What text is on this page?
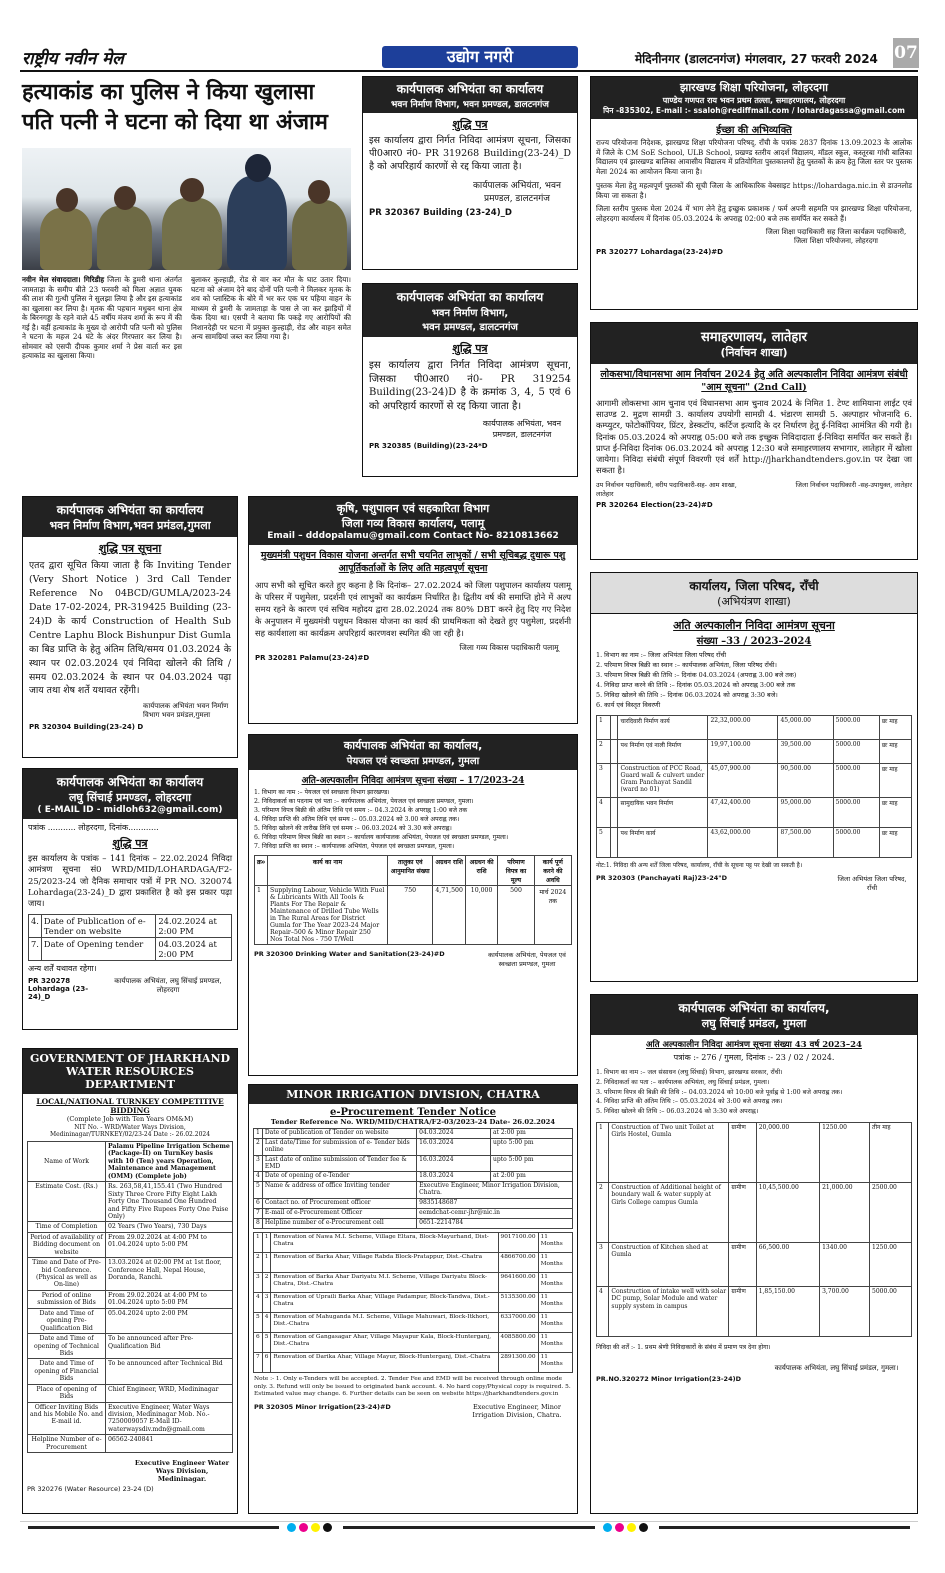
राष्ट्रीय नवीन मेल	उद्योग नगरी	मेदिनीनगर (डालटनगंज) मंगलवार, 27 फरवरी 2024 07
हत्याकांड का पुलिस ने किया खुलासा
पति पत्नी ने घटना को दिया था अंजाम
नवीन मेल संवाददाता। गिरिडीह जिला के डुमरी थाना अंतर्गत जामताड़ा के समीप बीते 23 फरवरी को मिला अज्ञात युवक की लाश की गुत्थी पुलिस ने सुलझा लिया है और इस हत्याकांड का खुलासा कर लिया है। मृतक की पहचान मधुबन थाना क्षेत्र के बिरनगड्डा के रहने वाले 45 वर्षीय मंजय शर्मा के रूप में की गई है। वहीं हत्याकांड के मुख्य दो आरोपी पति पत्नी को पुलिस ने घटना के महज 24 घंटे के अंदर गिरफ्तार कर लिया है। सोमवार को एसपी दीपक कुमार शर्मा ने प्रेस वार्ता कर इस हत्याकांड का खुलासा किया।
बुलाकर कुल्हाड़ी, रोड से वार कर मौत के घाट उतार दिया। घटना को अंजाम देने बाद दोनों पति पत्नी ने मिलकर मृतक के शव को प्लास्टिक के बोरे में भर कर एक घर पहिया वाहन के माध्यम से डुमरी के जामताड़ा के पास ले जा कर झाड़ियों में फेंक दिया था। एसपी ने बताया कि पकड़े गए आरोपियों की निशानदेही पर घटना में प्रयुक्त कुल्हाड़ी, रोड और वाहन समेत अन्य सामग्रियां जब्त कर लिया गया है।
कार्यपालक अभियंता का कार्यालय
भवन निर्माण विभाग, भवन प्रमण्डल, डालटनगंज
शुद्धि पत्र
इस कार्यालय द्वारा निर्गत निविदा आमंत्रण सूचना, जिसका पी0आर0 नं0- PR 319268 Building(23-24)_D है को अपरिहार्य कारणों से रद्द किया जाता है।
कार्यपालक अभियंता, भवन प्रमण्डल, डालटनगंज
PR 320367 Building (23-24)_D
कार्यपालक अभियंता का कार्यालय
भवन निर्माण विभाग,
भवन प्रमण्डल, डालटनगंज
शुद्धि पत्र
इस कार्यालय द्वारा निर्गत निविदा आमंत्रण सूचना, जिसका पी0आर0 नं0- PR 319254 Building(23-24)D है के क्रमांक 3, 4, 5 एवं 6 को अपरिहार्य कारणों से रद्द किया जाता है।
कार्यपालक अभियंता, भवन प्रमण्डल, डालटनगंज
PR 320385 (Building)(23-24*D
झारखण्ड शिक्षा परियोजना, लोहरदगा
पाण्डेय गणपत राय भवन प्रथम तल्ला, समाहरणालय, लोहरदगा
पिन -835302, E-mail :- ssaloh@rediffmail.com / lohardagassa@gmail.com
ईच्छा की अभिव्यक्ति
राज्य परियोजना निदेशक, झारखण्ड शिक्षा परियोजना परिषद्, राँची के पत्रांक 2837 दिनांक 13.09.2023 के आलोक में जिले के CM SoE School, ULB School, प्रखण्ड स्तरीय आदर्श विद्यालय, मॉडल स्कूल, कस्तूरबा गांधी बालिका विद्यालय एवं झारखण्ड बालिका आवासीय विद्यालय में प्रतियोगिता पुस्तकालयों हेतु पुस्तकों के क्रय हेतु जिला स्तर पर पुस्तक मेला 2024 का आयोजन किया जाना है।
पुस्तक मेला हेतु महत्वपूर्ण पुस्तकों की सूची जिला के आधिकारिक वेबसाइट https://lohardaga.nic.in से डाउनलोड किया जा सकता है।
जिला स्तरीय पुस्तक मेला 2024 में भाग लेने हेतु इच्छुक प्रकाशक / फर्म अपनी सहमति पत्र झारखण्ड शिक्षा परियोजना, लोहरदगा कार्यालय में दिनांक 05.03.2024 के अपराह्न 02:00 बजे तक समर्पित कर सकते हैं।
जिला शिक्षा पदाधिकारी सह जिला कार्यक्रम पदाधिकारी, जिला शिक्षा परियोजना, लोहरदगा
PR 320277 Lohardaga(23-24)#D
समाहरणालय, लातेहार
(निर्वाचन शाखा)
लोकसभा/विधानसभा आम निर्वाचन 2024 हेतु अति अल्पकालीन निविदा आमंत्रण संबंधी "आम सूचना" (2nd Call)
आगामी लोकसभा आम चुनाव एवं विधानसभा आम चुनाव 2024 के निमित 1. टेण्ट शामियाना लाईट एवं साउण्ड 2. मुद्रण सामग्री 3. कार्यालय उपयोगी सामग्री 4. भंडारण सामग्री 5. अल्पाहार भोजनादि 6. कम्प्युटर, फोटोकॉपियर, प्रिंटर, डेस्कटॉप, कर्टिज इत्यादि के दर निर्धारण हेतु ई-निविदा आमंत्रित की गयी है। दिनांक 05.03.2024 को अपराह्न 05:00 बजे तक इच्छुक निविदादाता ई-निविदा समर्पित कर सकते हैं। प्राप्त ई-निविदा दिनांक 06.03.2024 को अपराह्न 12:30 बजे समाहरणालय सभागार, लातेहार में खोला जायेगा। निविदा संबंधी संपूर्ण विवरणी एवं शर्तें http://jharkhandtenders.gov.in पर देखा जा सकता है।
उप निर्वाचन पदाधिकारी, वरीय पदाधिकारी-सह- आम शाखा, लातेहार
जिला निर्वाचन पदाधिकारी -सह-उपायुक्त, लातेहार
PR 320264 Election(23-24)#D
कार्यपालक अभियंता का कार्यालय
भवन निर्माण विभाग,भवन प्रमंडल,गुमला
शुद्धि पत्र सूचना
एतद द्वारा सूचित किया जाता है कि Inviting Tender (Very Short Notice ) 3rd Call Tender Reference No 04BCD/GUMLA/2023-24 Date 17-02-2024, PR-319425 Building (23-24)D के कार्य Construction of Health Sub Centre Laphu Block Bishunpur Dist Gumla का बिड प्राप्ति के हेतु अंतिम तिथि/समय 01.03.2024 के स्थान पर 02.03.2024 एवं निविदा खोलने की तिथि / समय 02.03.2024 के स्थान पर 04.03.2024 पढ़ा जाय तथा शेष शर्ते यथावत रहेंगी।
कार्यपालक अभियंता भवन निर्माण विभाग भवन प्रमंडल,गुमला
PR 320304 Building(23-24) D
कृषि, पशुपालन एवं सहकारिता विभाग
जिला गव्य विकास कार्यालय, पलामू
Email – dddopalamu@gmail.com Contact No- 8210813662
मुख्यमंत्री पशुधन विकास योजना अन्तर्गत सभी चयनित लाभुकों / सभी सूचिबद्ध दुधारू पशु आपूर्तिकर्ताओं के लिए अति महत्वपूर्ण सूचना
आप सभी को सूचित करते हुए कहना है कि दिनांक– 27.02.2024 को जिला पशुपालन कार्यालय पलामू के परिसर में पशुमेला, प्रदर्शनी एवं लाभुकों का कार्यक्रम निर्धारित है। द्वितीय वर्ष की समाप्ति होने में अल्प समय रहने के कारण एवं सचिव महोदय द्वारा 28.02.2024 तक 80% DBT करने हेतु दिए गए निदेश के अनुपालन में मुख्यमंत्री पशुधन विकास योजना का कार्य की प्राथमिकता को देखते हुए पशुमेला, प्रदर्शनी सह कार्यशाला का कार्यक्रम अपरिहार्य कारणवश स्थगित की जा रही है।
जिला गव्य विकास पदाधिकारी पलामू
PR 320281 Palamu(23-24)#D
कार्यपालक अभियंता का कार्यालय
लघु सिंचाई प्रमण्डल, लोहरदगा
( E-MAIL ID - midloh632@gmail.com)
पत्रांक ........... लोहरदगा, दिनांक............
शुद्धि पत्र
इस कार्यालय के पत्रांक – 141 दिनांक – 22.02.2024 निविदा आमंत्रण सूचना सं0 WRD/MID/LOHARDAGA/F2-25/2023-24 जो दैनिक समाचार पत्रों में PR NO. 320074 Lohardaga(23-24)_D द्वारा प्रकाशित है को इस प्रकार पढ़ा जाय।
4.	Date of Publication of e-Tender on website	24.02.2024 at 2:00 PM
7.	Date of Opening tender	04.03.2024 at 2:00 PM
अन्य शर्तें यथावत रहेगा।
PR 320278 Lohardaga (23-24)_D
कार्यपालक अभियंता, लघु सिंचाई प्रमण्डल, लोहरदगा
कार्यपालक अभियंता का कार्यालय,
पेयजल एवं स्वच्छता प्रमण्डल, गुमला
अति-अल्पकालीन निविदा आमंत्रण सूचना संख्या – 17/2023-24
1. विभाग का नाम :– पेयजल एवं स्वच्छता विभाग झारखण्ड।
2. निविदाकर्ता का पदनाम एवं पता :– कार्यपालक अभियंता, पेयजल एवं स्वच्छता प्रमण्डल, गुमला।
3. परिमाण विपत्र बिक्री की अंतिम तिथि एवं समय :– 04.3.2024 के अपराह्न 1:00 बजे तक
4. निविदा प्राप्ति की अंतिम तिथि एवं समय :– 05.03.2024 को 3.00 बजे अपराह्न तक।
5. निविदा खोलने की तारीख तिथि एवं समय :– 06.03.2024 को 3.30 बजे अपराह्न।
6. निविदा परिमाण विपत्र बिक्री का स्थान :– कार्यालय कार्यपालक अभियंता, पेयजल एवं स्वच्छता प्रमण्डल, गुमला।
7. निविदा प्राप्ति का स्थान :– कार्यपालक अभियंता, पेयजल एवं स्वच्छता प्रमण्डल, गुमला।
क्र०	कार्य का नाम	तालुका एवं आनुमानित संख्या	अग्रधन राशि	अग्रधन की राशि	परिमाण विपत्र का मूल्य	कार्य पूर्ण करने की अवधि
1	Supplying Labour, Vehicle With Fuel & Lubricants With All Tools & Plants For The Repair & Maintenance of Drilled Tube Wells in The Rural Areas for District Gumla for The Year 2023-24 Major Repair–500 & Minor Repair 250 Nos Total Nos - 750 T/Well	750	4,71,500	10,000	500	मार्च 2024 तक
PR 320300 Drinking Water and Sanitation(23-24)#D	कार्यपालक अभियंता, पेयजल एवं स्वच्छता प्रमण्डल, गुमला
कार्यालय, जिला परिषद, राँची
(अभियंत्रण शाखा)
अति अल्पकालीन निविदा आमंत्रण सूचना
संख्या –33 / 2023–2024
1. विभाग का नाम :– जिला अभियंता जिला परिषद राँची
2. परिमाण विपत्र बिक्री का स्थान :– कार्यपालक अभियंता, जिला परिषद राँची।
3. परिमाण विपत्र बिक्री की तिथि :– दिनांक 04.03.2024 (अपराह्न 3.00 बजे तक)
4. निविदा प्राप्त करने की तिथि :– दिनांक 05.03.2024 को अपराह्न 3:00 बजे तक
5. निविदा खोलने की तिथि :– दिनांक 06.03.2024 को अपराह्न 3:30 बजे।
6. कार्य एवं विस्तृत विवरणी
1		चारदिवारी निर्माण कार्य	22,32,000.00	45,000.00	5000.00	छः माह
2		पथ निर्माण एवं नाली निर्माण	19,97,100.00	39,500.00	5000.00	छः माह
3		Construction of PCC Road, Guard wall & culvert under Gram Panchayat Sandil (ward no 01)	45,07,900.00	90,500.00	5000.00	छः माह
4		सामुदायिक भवन निर्माण	47,42,400.00	95,000.00	5000.00	छः माह
5		पथ निर्माण कार्य	43,62,000.00	87,500.00	5000.00	छः माह
नोट:1. निविदा की अन्य शर्तें जिला परिषद, कार्यालय, राँची के सूचना पट्ट पर देखी जा सकती है।
PR 320303 (Panchayati Raj)23-24"D	जिला अभियंता जिला परिषद, राँची
GOVERNMENT OF JHARKHAND
WATER RESOURCES DEPARTMENT
LOCAL/NATIONAL TURNKEY COMPETITIVE BIDDING
(Complete Job with Ten Years OM&M)
NIT No. - WRD/Water Ways Division, Medininagar/TURNKEY/02/23-24 Date :- 26.02.2024
Name of Work	Palamu Pipeline Irrigation Scheme (Package-II) on TurnKey basis with 10 (Ten) years Operation, Maintenance and Management (OMM) (Complete job)
Estimate Cost. (Rs.)	Rs. 263,58,41,155.41 (Two Hundred Sixty Three Crore Fifty Eight Lakh Forty One Thousand One Hundred and Fifty Five Rupees Forty One Paise Only)
Time of Completion	02 Years (Two Years), 730 Days
Period of availability of Bidding document on website	From 29.02.2024 at 4:00 PM to 01.04.2024 upto 5:00 PM
Time and Date of Pre-bid Conference. (Physical as well as On-line)	13.03.2024 at 02:00 PM at 1st floor, Conference Hall, Nepal House, Doranda, Ranchi.
Period of online submission of Bids	From 29.02.2024 at 4:00 PM to 01.04.2024 upto 5:00 PM
Date and Time of opening Pre-Qualification Bid	05.04.2024 upto 2:00 PM
Date and Time of opening of Technical Bids	To be announced after Pre-Qualification Bid
Date and Time of opening of Financial Bids	To be announced after Technical Bid
Place of opening of Bids	Chief Engineer, WRD, Medininagar
Officer Inviting Bids and his Mobile No. and E-mail id.	Executive Engineer, Water Ways division, Medininagar Mob. No.- 7250009057 E-Mail ID- waterwaysdiv.mdn@gmail.com
Helpline Number of e-Procurement	06562-240841
Executive Engineer Water Ways Division, Medininagar.
PR 320276 (Water Resource) 23-24 (D)
MINOR IRRIGATION DIVISION, CHATRA
e-Procurement Tender Notice
Tender Reference No. WRD/MID/CHATRA/F2-03/2023-24 Date- 26.02.2024
1	Date of publication of Tender on website	04.03.2024	at 2:00 pm
2	Last date/Time for submission of e- Tender bids online	16.03.2024	upto 5:00 pm
3	Last date of online submission of Tender fee & EMD	16.03.2024	upto 5:00 pm
4	Date of opening of e-Tender	18.03.2024	at 2:00 pm
5	Name & address of office Inviting tender	Executive Engineer, Minor Irrigation Division, Chatra.	
6	Contact no. of Procurement officer	9835148687	
7	E-mail of e-Procurement Officer	eemdchat-cemr-jhr@nic.in	
8	Helpline number of e-Procurement cell	0651-2214784	
1	1	Renovation of Nawa M.I. Scheme, Village Eltara, Block-Mayurhand, Dist-Chatra	9017100.00	11 Months
2	1	Renovation of Barka Ahar, Village Rabda Block-Pratappur, Dist.-Chatra	4866700.00	11 Months
3	2	Renovation of Barka Ahar Dariyatu M.I. Scheme, Village Dariyatu Block-Chatra, Dist.-Chatra	9641600.00	11 Months
4	3	Renovation of Upraili Barka Ahar, Village Padampur, Block-Tandwa, Dist.-Chatra	5135300.00	11 Months
5	4	Renovation of Mahuganda M.I. Scheme, Village Mahuwari, Block-Itkhori, Dist.-Chatra	6337000.00	11 Months
6	5	Renovation of Gangasagar Ahar, Village Mayapur Kala, Block-Hunterganj, Dist.-Chatra	4085800.00	11 Months
7	6	Renovation of Darika Ahar, Village Mayur, Block-Hunterganj, Dist.-Chatra	2891300.00	11 Months
Note :- 1. Only e-Tenders will be accepted. 2. Tender Fee and EMD will be received through online mode only. 3. Refund will only be issued to originated bank account. 4. No hard copy/Physical copy is required. 5. Estimated value may change. 6. Further details can be seen on website https://jharkhandtenders.gov.in
PR 320305 Minor Irrigation(23-24)#D	Executive Engineer, Minor Irrigation Division, Chatra.
कार्यपालक अभियंता का कार्यालय,
लघु सिंचाई प्रमंडल, गुमला
अति अल्पकालीन निविदा आमंत्रण सूचना संख्या 43 वर्ष 2023–24
पत्रांक :- 276 / गुमला, दिनांक :- 23 / 02 / 2024.
1. विभाग का नाम :– जल संसाधन (लघु सिंचाई) विभाग, झारखण्ड सरकार, राँची।
2. निविदाकर्ता का पता :– कार्यपालक अभियंता, लघु सिंचाई प्रमंडल, गुमला।
3. परिमाण विपत्र की बिक्री की तिथि :– 04.03.2024 को 10:00 बजे पूर्वाह्न से 1:00 बजे अपराह्न तक।
4. निविदा प्राप्ति की अंतिम तिथि :– 05.03.2024 को 3:00 बजे अपराह्न तक।
5. निविदा खोलने की तिथि :– 06.03.2024 को 3:30 बजे अपराह्न।
1	Construction of Two unit Toilet at Girls Hostel, Gumla	ग्रामीण	20,000.00	1250.00	तीन माह
2	Construction of Additional height of boundary wall & water supply at Girls College campus Gumla	ग्रामीण	10,45,500.00	21,000.00	2500.00
3	Construction of Kitchen shed at Gumla	ग्रामीण	66,500.00	1340.00	1250.00
4	Construction of intake well with solar DC pump, Solar Module and water supply system in campus	ग्रामीण	1,85,150.00	3,700.00	5000.00
निविदा की शर्तें :- 1. प्रथम श्रेणी निविदाकारों के संबंध में प्रमाण पत्र देना होगा।
कार्यपालक अभियंता, लघु सिंचाई प्रमंडल, गुमला।
PR.NO.320272 Minor Irrigation(23-24)D
